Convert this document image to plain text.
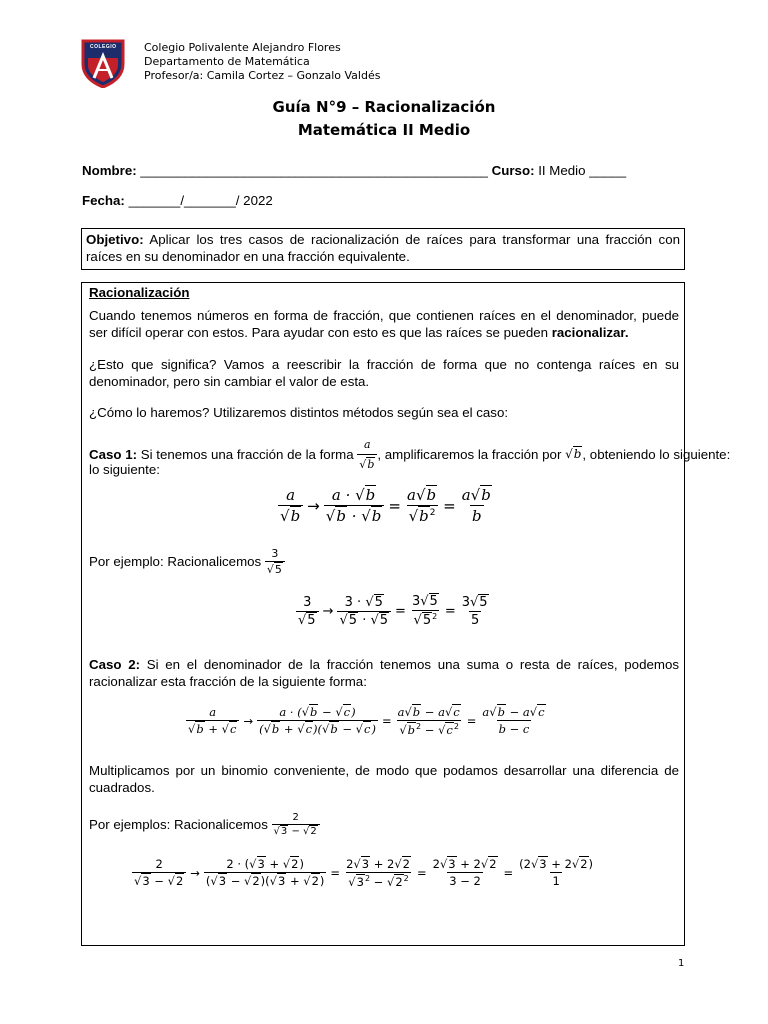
COLEGIO Colegio Polivalente Alejandro Flores
Departamento de Matemática
Profesor/a: Camila Cortez – Gonzalo Valdés
Guía N°9 – Racionalización
Matemática II Medio
Nombre: _______________________________________________ Curso: II Medio _____
Fecha: _______/_______/ 2022

Objetivo: Aplicar los tres casos de racionalización de raíces para transformar una fracción con raíces en su denominador en una fracción equivalente.

Racionalización

Cuando tenemos números en forma de fracción, que contienen raíces en el denominador, puede ser difícil operar con estos. Para ayudar con esto es que las raíces se pueden racionalizar.

¿Esto que significa? Vamos a reescribir la fracción de forma que no contenga raíces en su denominador, pero sin cambiar el valor de esta.

¿Cómo lo haremos? Utilizaremos distintos métodos según sea el caso:

Caso 1: Si tenemos una fracción de la forma $\frac{a}{√b}$ , amplificaremos la fracción por √b , obteniendo lo siguiente:
lo siguiente:
$\frac{a}{√b} \to \frac{a \cdot √b}{√b \cdot √b} = \frac{a√b}{√b^2} = \frac{a√b}{b}$
Por ejemplo: Racionalicemos $\frac{3}{√5}$
$\frac{3}{√5} \to \frac{3 \cdot √5}{√5 \cdot √5} = \frac{3√5}{√5^2} = \frac{3√5}{5}$

Caso 2: Si en el denominador de la fracción tenemos una suma o resta de raíces, podemos racionalizar esta fracción de la siguiente forma:

$\frac{a}{√b + √c} \to \frac{a \cdot (√b - √c)}{(√b + √c)(√b - √c)} = \frac{a√b - a√c}{√b^2 - √c^2} = \frac{a√b - a√c}{b - c}$

Multiplicamos por un binomio conveniente, de modo que podamos desarrollar una diferencia de cuadrados.

Por ejemplos: Racionalicemos $\frac{2}{√3 - √2}$
$\frac{2}{√3 - √2} \to \frac{2 \cdot (√3 + √2)}{(√3 - √2)(√3 + √2)} = \frac{2√3 + 2√2}{√3^2 - √2^2} = \frac{2√3 + 2√2}{3 - 2} = \frac{(2√3 + 2√2)}{1}$
1
